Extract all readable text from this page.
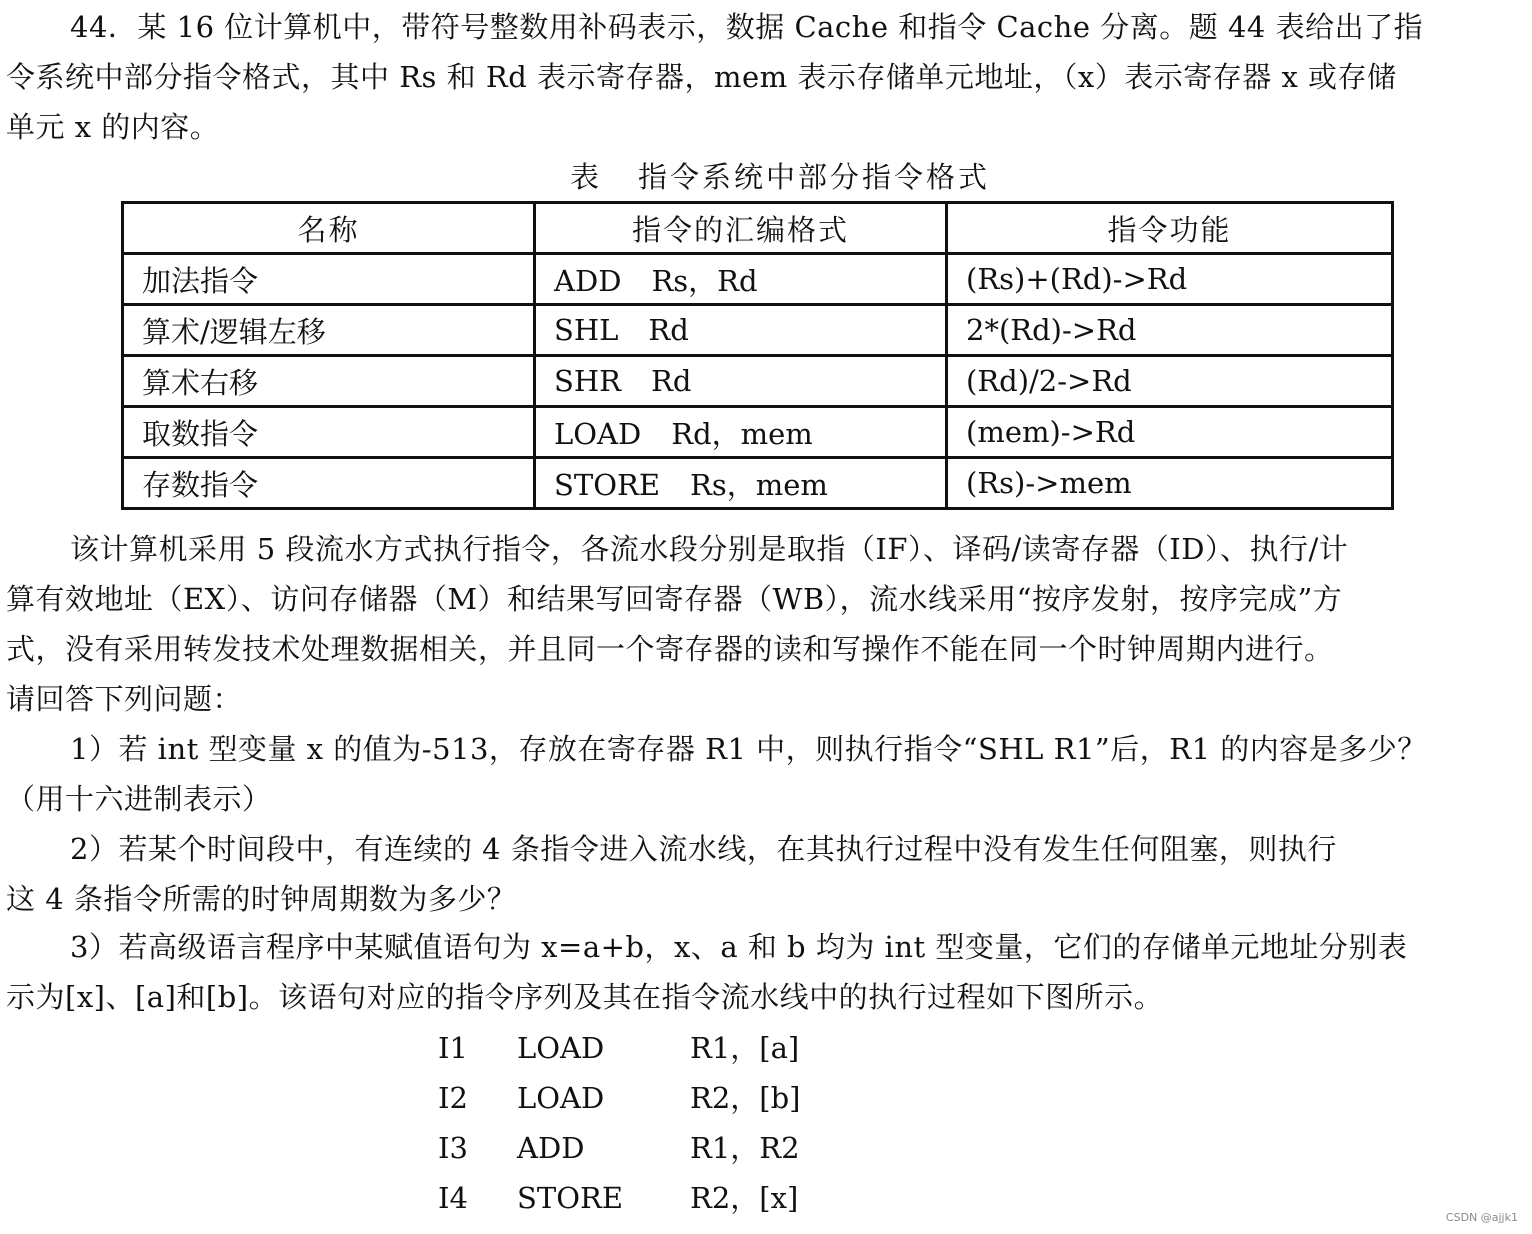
44．某 16 位计算机中，带符号整数用补码表示，数据 Cache 和指令 Cache 分离。题 44 表给出了指
令系统中部分指令格式，其中 Rs 和 Rd 表示寄存器，mem 表示存储单元地址，（x）表示寄存器 x 或存储
单元 x 的内容。
表 指令系统中部分指令格式
名称	指令的汇编格式	指令功能
加法指令	ADD Rs，Rd	(Rs)+(Rd)->Rd
算术/逻辑左移	SHL Rd	2*(Rd)->Rd
算术右移	SHR Rd	(Rd)/2->Rd
取数指令	LOAD Rd，mem	(mem)->Rd
存数指令	STORE Rs，mem	(Rs)->mem
该计算机采用 5 段流水方式执行指令，各流水段分别是取指（IF）、译码/读寄存器（ID）、执行/计
算有效地址（EX）、访问存储器（M）和结果写回寄存器（WB），流水线采用“按序发射，按序完成”方
式，没有采用转发技术处理数据相关，并且同一个寄存器的读和写操作不能在同一个时钟周期内进行。
请回答下列问题：
1）若 int 型变量 x 的值为-513，存放在寄存器 R1 中，则执行指令“SHL R1”后，R1 的内容是多少？
（用十六进制表示）
2）若某个时间段中，有连续的 4 条指令进入流水线，在其执行过程中没有发生任何阻塞，则执行
这 4 条指令所需的时钟周期数为多少？
3）若高级语言程序中某赋值语句为 x=a+b，x、a 和 b 均为 int 型变量，它们的存储单元地址分别表
示为[x]、[a]和[b]。该语句对应的指令序列及其在指令流水线中的执行过程如下图所示。
I1 LOAD	R1，[a]
I2 LOAD	R2，[b]
I3 ADD	R1，R2
I4 STORE R2，[x]
CSDN @ajjk1
